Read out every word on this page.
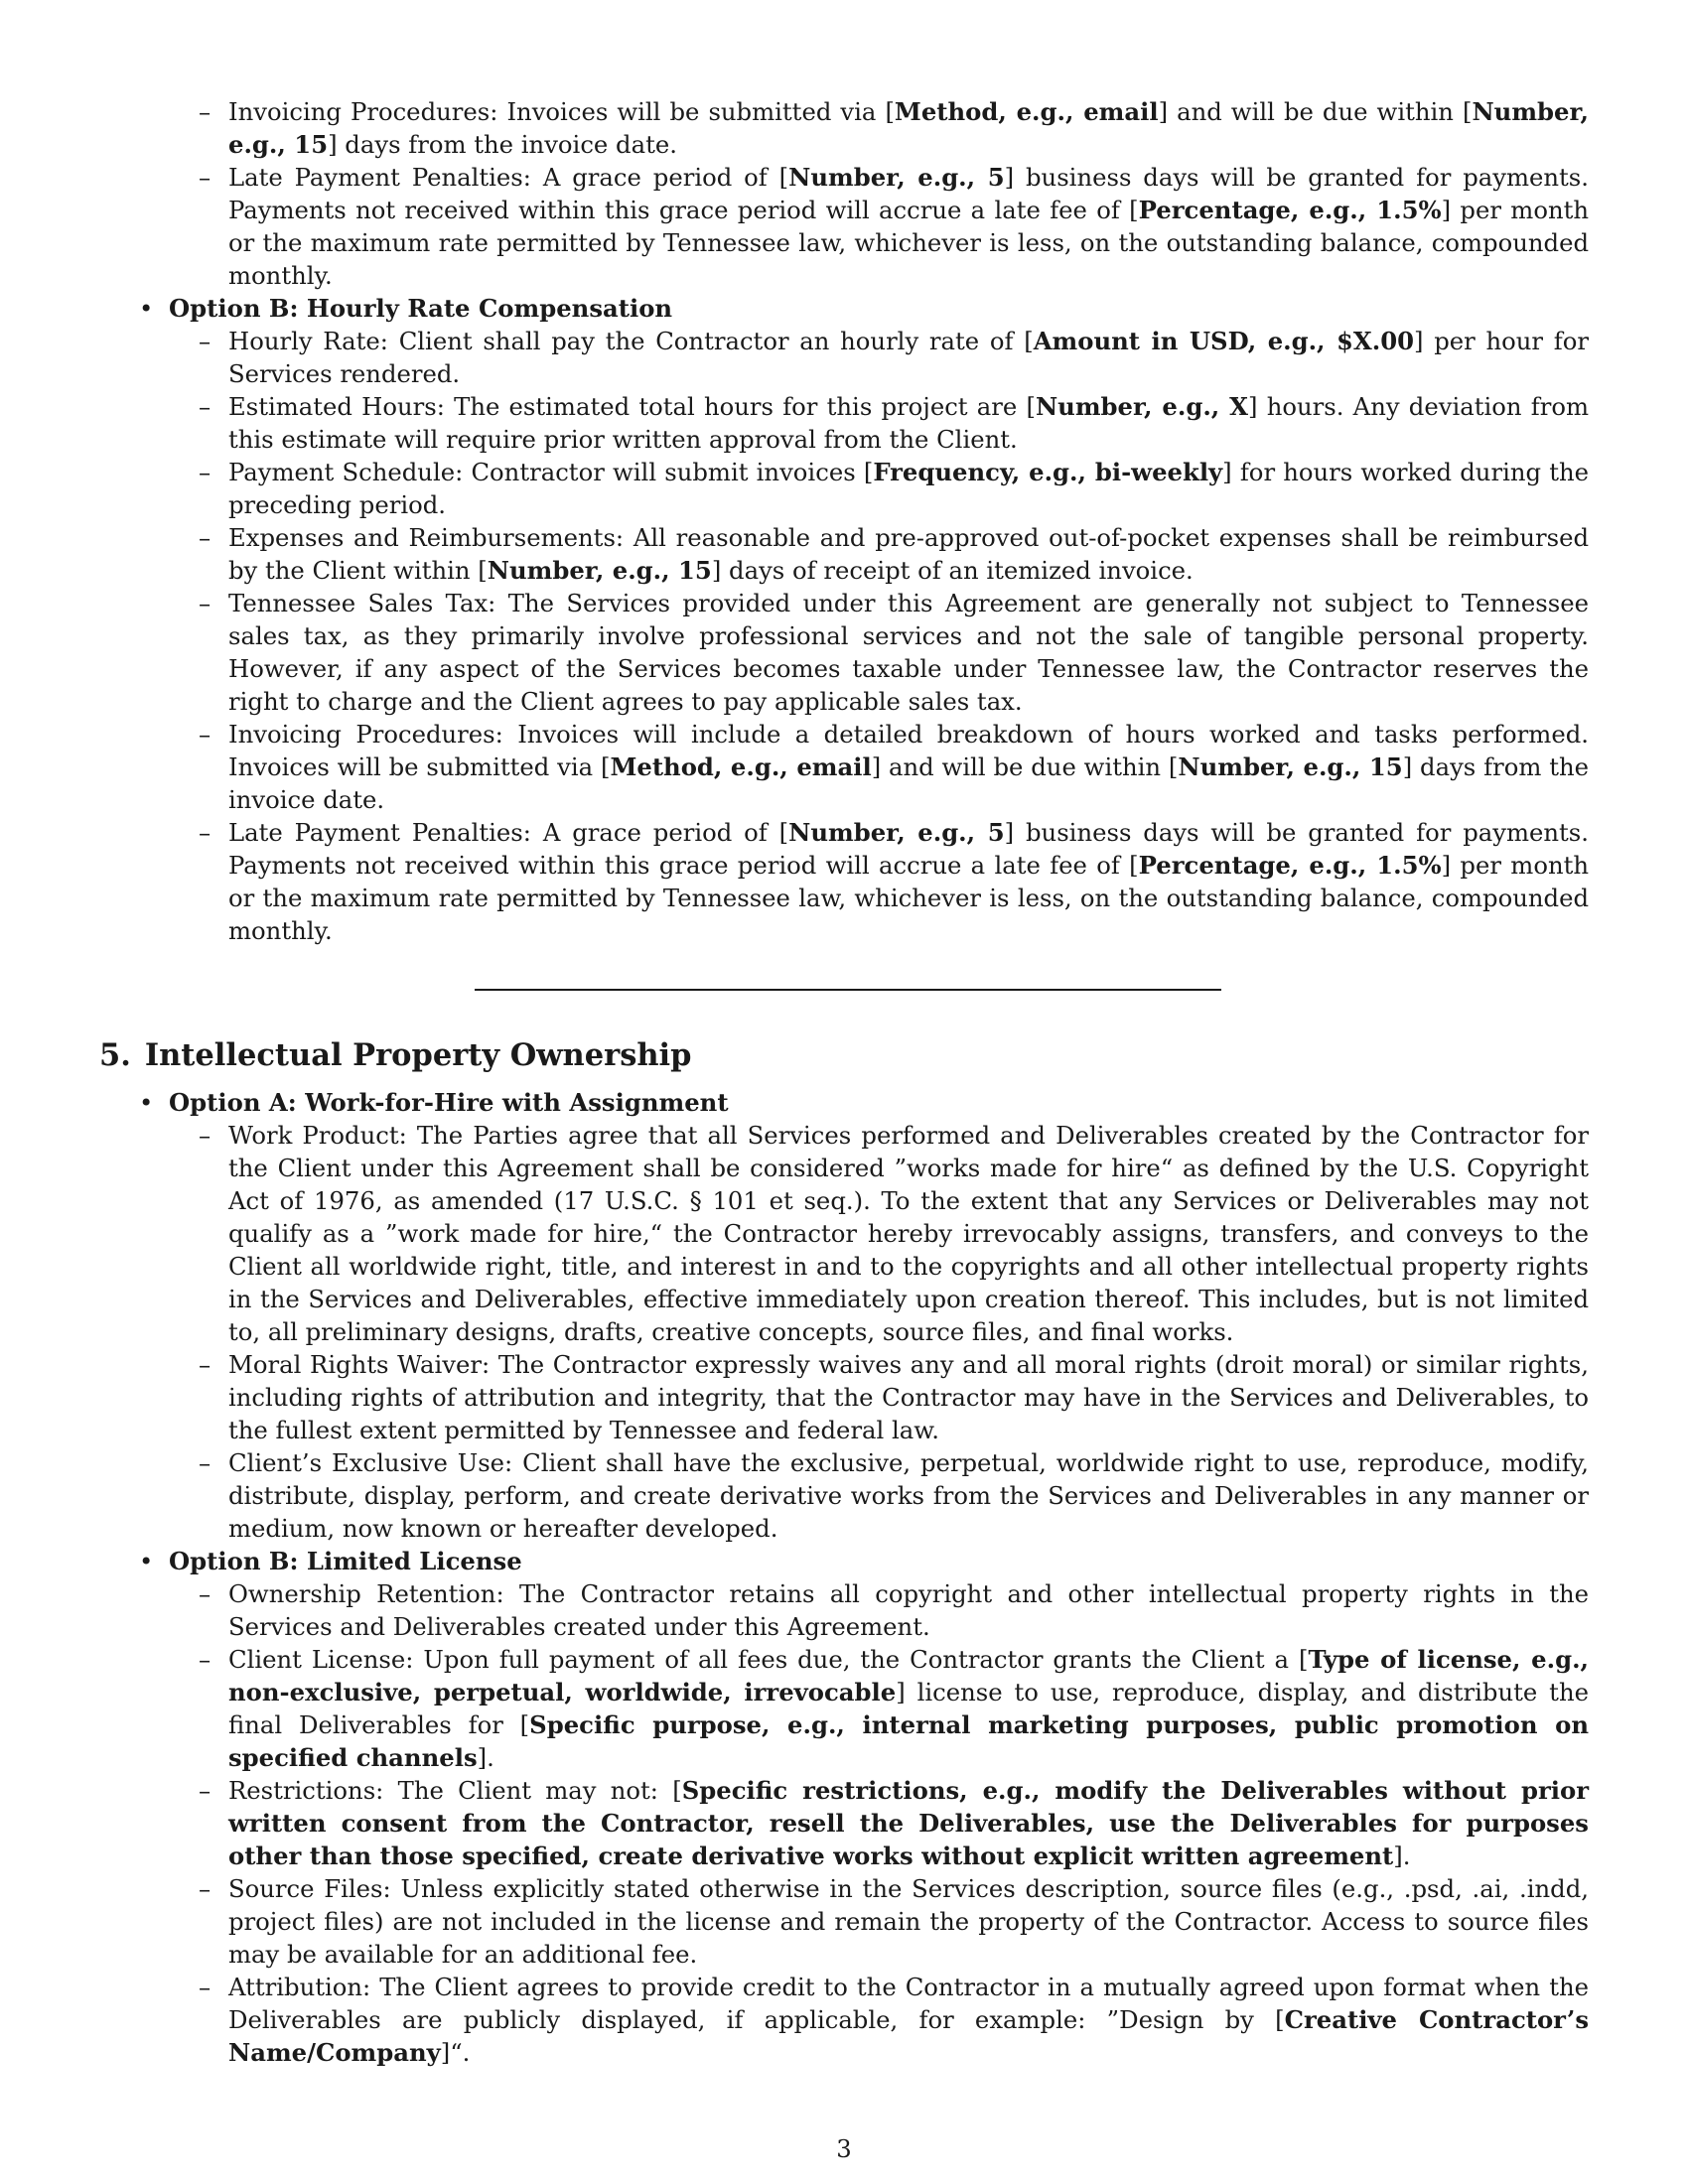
– Invoicing Procedures: Invoices will be submitted via [Method, e.g., email] and will be due within [Number, e.g., 15] days from the invoice date.
– Late Payment Penalties: A grace period of [Number, e.g., 5] business days will be granted for payments. Payments not received within this grace period will accrue a late fee of [Percentage, e.g., 1.5%] per month or the maximum rate permitted by Tennessee law, whichever is less, on the outstanding balance, compounded monthly.
• Option B: Hourly Rate Compensation
– Hourly Rate: Client shall pay the Contractor an hourly rate of [Amount in USD, e.g., $X.00] per hour for Services rendered.
– Estimated Hours: The estimated total hours for this project are [Number, e.g., X] hours. Any deviation from this estimate will require prior written approval from the Client.
– Payment Schedule: Contractor will submit invoices [Frequency, e.g., bi-weekly] for hours worked during the preceding period.
– Expenses and Reimbursements: All reasonable and pre-approved out-of-pocket expenses shall be reimbursed by the Client within [Number, e.g., 15] days of receipt of an itemized invoice.
– Tennessee Sales Tax: The Services provided under this Agreement are generally not subject to Tennessee sales tax, as they primarily involve professional services and not the sale of tangible personal property. However, if any aspect of the Services becomes taxable under Tennessee law, the Contractor reserves the right to charge and the Client agrees to pay applicable sales tax.
– Invoicing Procedures: Invoices will include a detailed breakdown of hours worked and tasks performed. Invoices will be submitted via [Method, e.g., email] and will be due within [Number, e.g., 15] days from the invoice date.
– Late Payment Penalties: A grace period of [Number, e.g., 5] business days will be granted for payments. Payments not received within this grace period will accrue a late fee of [Percentage, e.g., 1.5%] per month or the maximum rate permitted by Tennessee law, whichever is less, on the outstanding balance, compounded monthly.
5. Intellectual Property Ownership
• Option A: Work-for-Hire with Assignment
– Work Product: The Parties agree that all Services performed and Deliverables created by the Contractor for the Client under this Agreement shall be considered ”works made for hire“ as defined by the U.S. Copyright Act of 1976, as amended (17 U.S.C. § 101 et seq.). To the extent that any Services or Deliverables may not qualify as a ”work made for hire,“ the Contractor hereby irrevocably assigns, transfers, and conveys to the Client all worldwide right, title, and interest in and to the copyrights and all other intellectual property rights in the Services and Deliverables, effective immediately upon creation thereof. This includes, but is not limited to, all preliminary designs, drafts, creative concepts, source files, and final works.
– Moral Rights Waiver: The Contractor expressly waives any and all moral rights (droit moral) or similar rights, including rights of attribution and integrity, that the Contractor may have in the Services and Deliverables, to the fullest extent permitted by Tennessee and federal law.
– Client’s Exclusive Use: Client shall have the exclusive, perpetual, worldwide right to use, reproduce, modify, distribute, display, perform, and create derivative works from the Services and Deliverables in any manner or medium, now known or hereafter developed.
• Option B: Limited License
– Ownership Retention: The Contractor retains all copyright and other intellectual property rights in the Services and Deliverables created under this Agreement.
– Client License: Upon full payment of all fees due, the Contractor grants the Client a [Type of license, e.g., non-exclusive, perpetual, worldwide, irrevocable] license to use, reproduce, display, and distribute the final Deliverables for [Specific purpose, e.g., internal marketing purposes, public promotion on specified channels].
– Restrictions: The Client may not: [Specific restrictions, e.g., modify the Deliverables without prior written consent from the Contractor, resell the Deliverables, use the Deliverables for purposes other than those specified, create derivative works without explicit written agreement].
– Source Files: Unless explicitly stated otherwise in the Services description, source files (e.g., .psd, .ai, .indd, project files) are not included in the license and remain the property of the Contractor. Access to source files may be available for an additional fee.
– Attribution: The Client agrees to provide credit to the Contractor in a mutually agreed upon format when the Deliverables are publicly displayed, if applicable, for example: ”Design by [Creative Contractor’s Name/Company]“.
3
